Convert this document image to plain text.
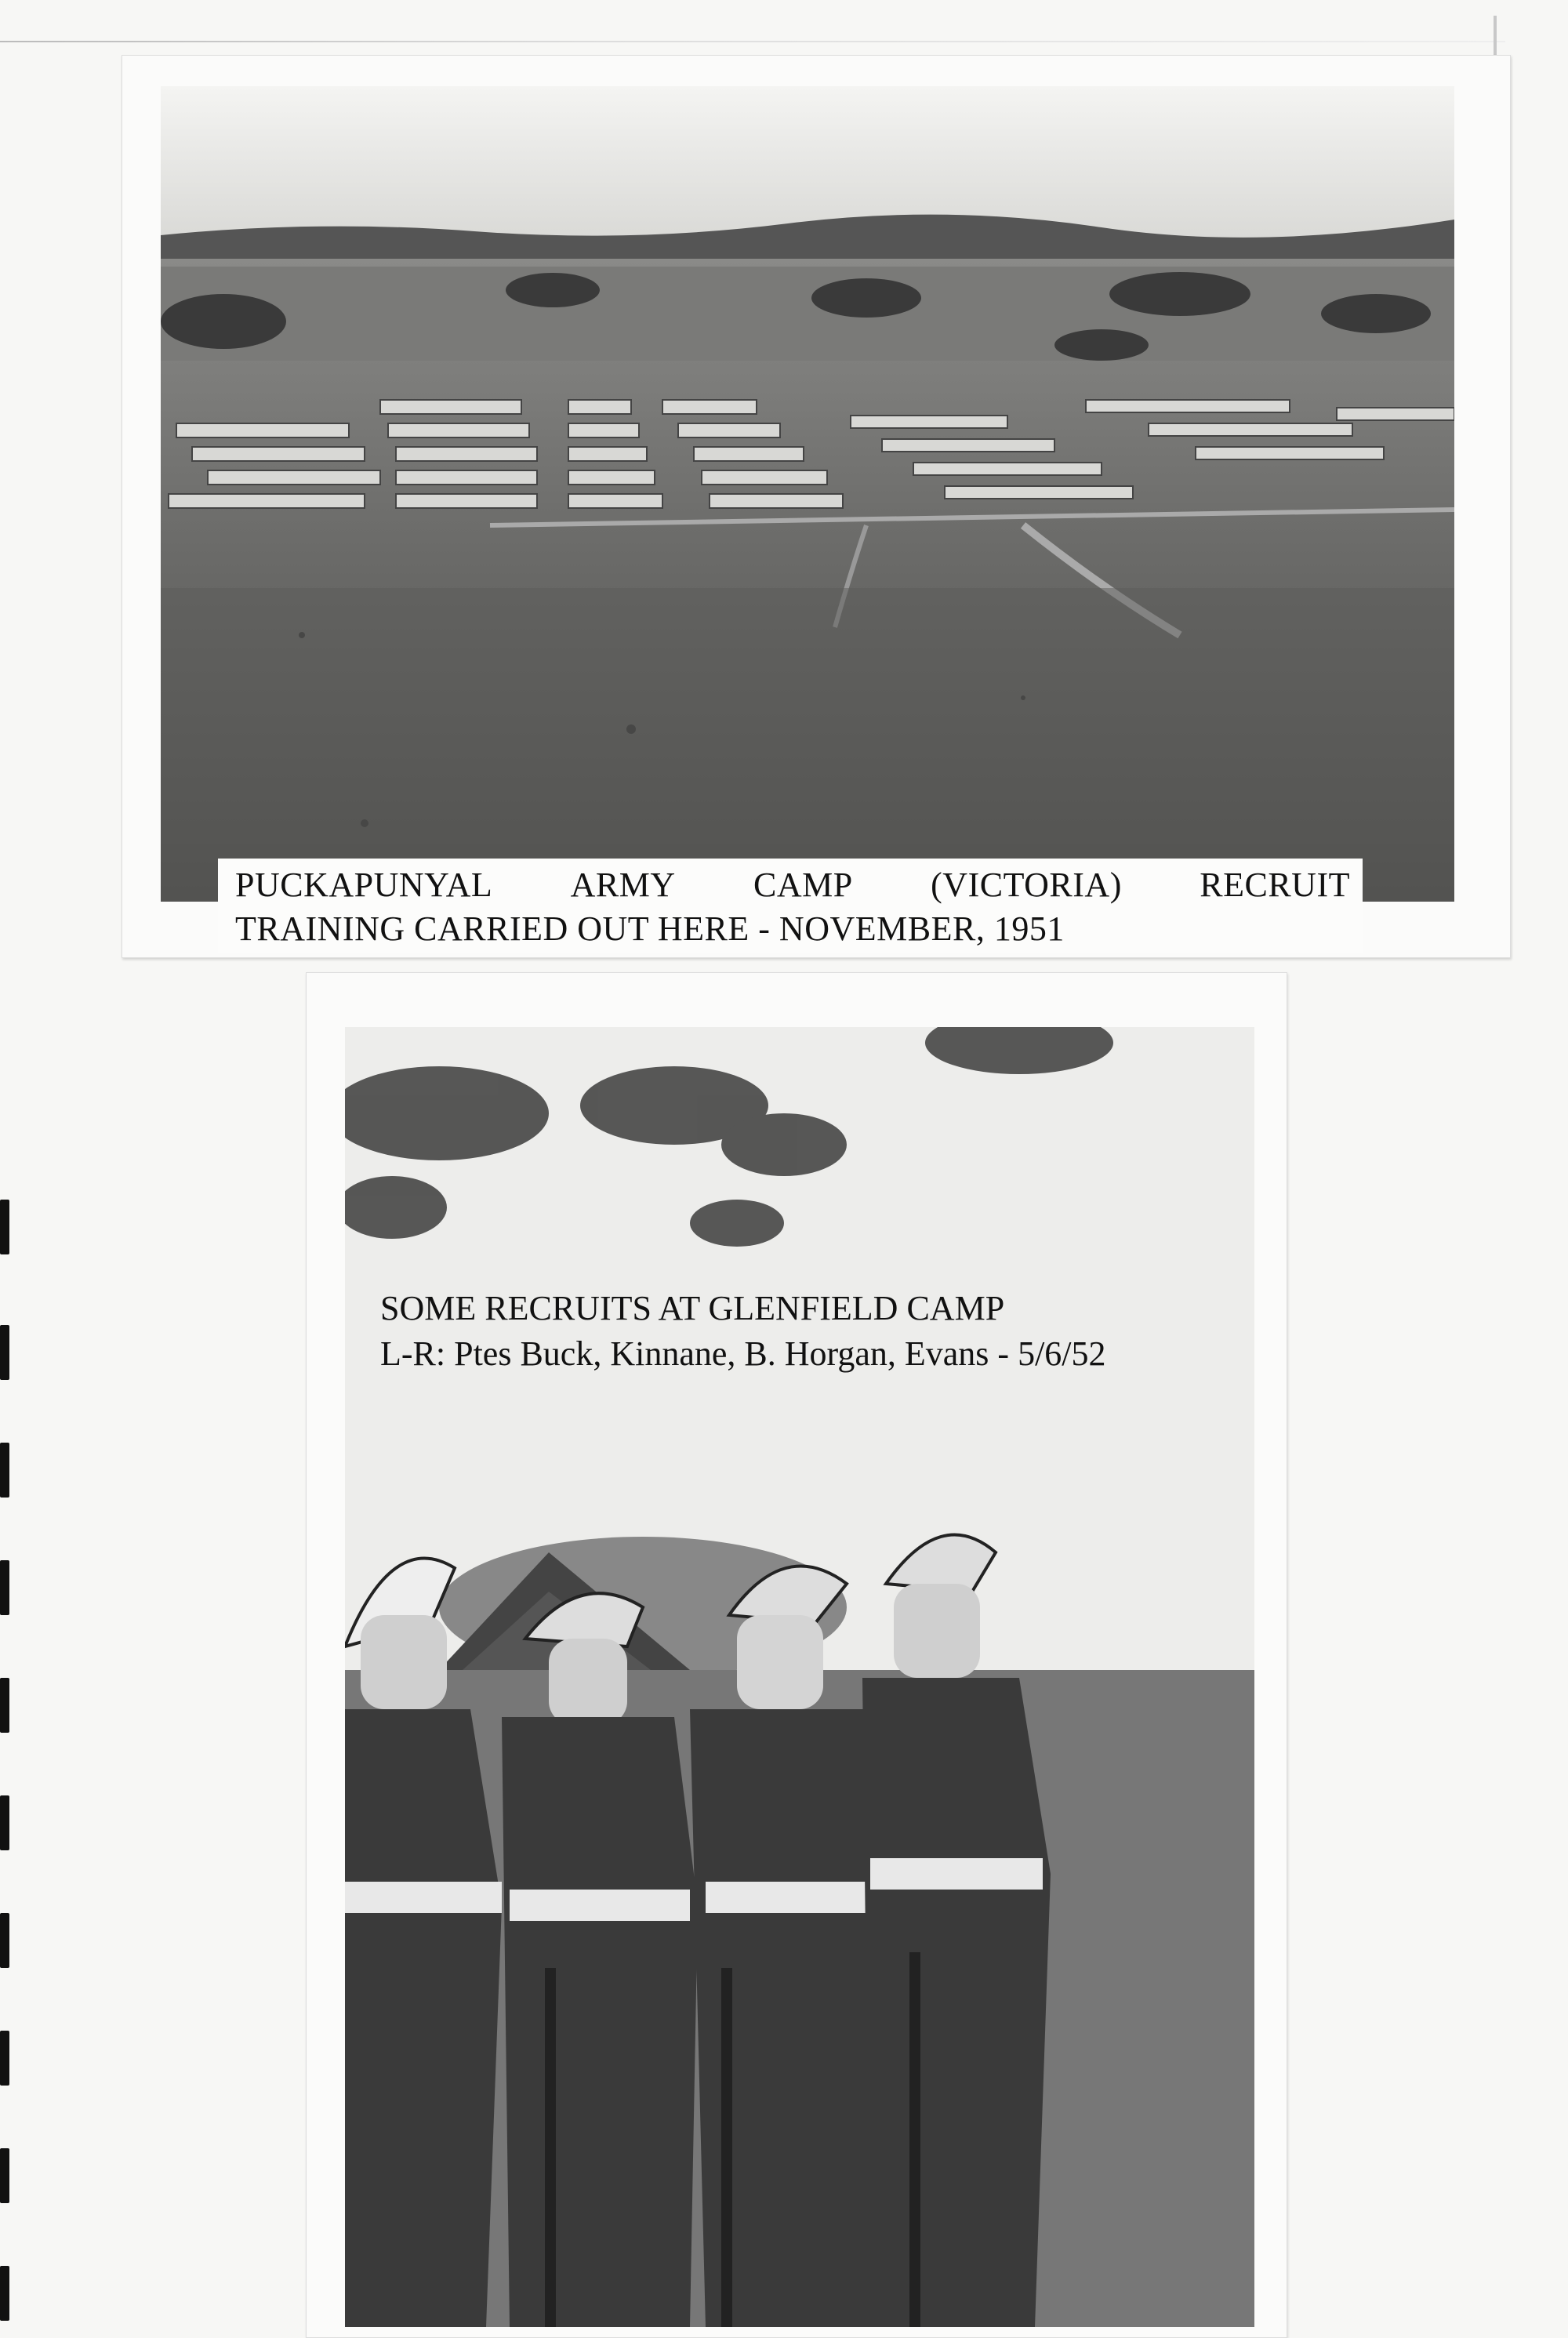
PUCKAPUNYAL ARMY CAMP (VICTORIA) RECRUIT
TRAINING CARRIED OUT HERE - NOVEMBER, 1951
SOME RECRUITS AT GLENFIELD CAMP
L-R: Ptes Buck, Kinnane, B. Horgan, Evans - 5/6/52
